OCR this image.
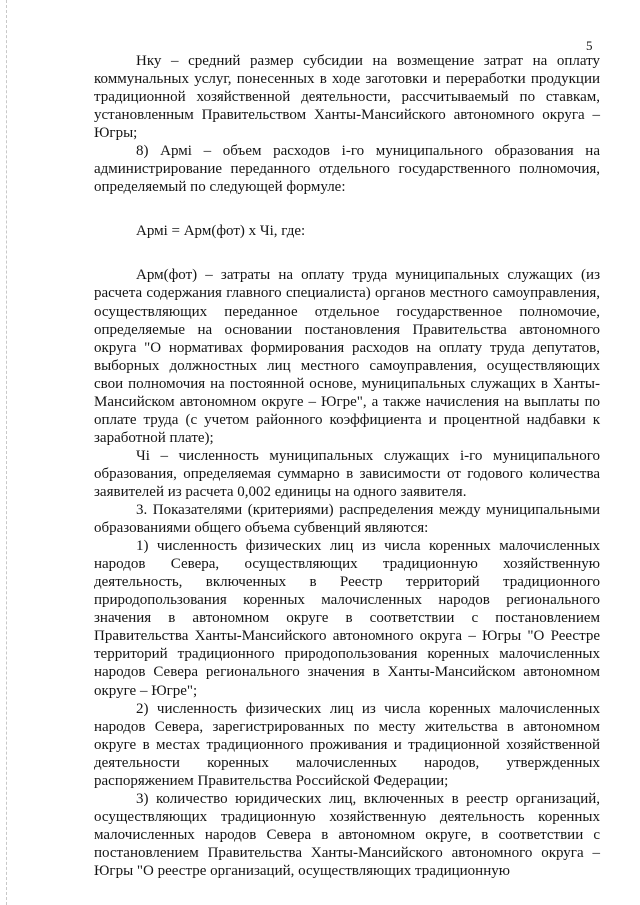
5

Нку – средний размер субсидии на возмещение затрат на оплату коммунальных услуг, понесенных в ходе заготовки и переработки продукции традиционной хозяйственной деятельности, рассчитываемый по ставкам, установленным Правительством Ханты-Мансийского автономного округа – Югры;

8) Армi – объем расходов i-го муниципального образования на администрирование переданного отдельного государственного полномочия, определяемый по следующей формуле:

Армi = Арм(фот) x Чi, где:

Арм(фот) – затраты на оплату труда муниципальных служащих (из расчета содержания главного специалиста) органов местного самоуправления, осуществляющих переданное отдельное государственное полномочие, определяемые на основании постановления Правительства автономного округа "О нормативах формирования расходов на оплату труда депутатов, выборных должностных лиц местного самоуправления, осуществляющих свои полномочия на постоянной основе, муниципальных служащих в Ханты-Мансийском автономном округе – Югре", а также начисления на выплаты по оплате труда (с учетом районного коэффициента и процентной надбавки к заработной плате);

Чi – численность муниципальных служащих i-го муниципального образования, определяемая суммарно в зависимости от годового количества заявителей из расчета 0,002 единицы на одного заявителя.

3. Показателями (критериями) распределения между муниципальными образованиями общего объема субвенций являются:

1) численность физических лиц из числа коренных малочисленных народов Севера, осуществляющих традиционную хозяйственную деятельность, включенных в Реестр территорий традиционного природопользования коренных малочисленных народов регионального значения в автономном округе в соответствии с постановлением Правительства Ханты-Мансийского автономного округа – Югры "О Реестре территорий традиционного природопользования коренных малочисленных народов Севера регионального значения в Ханты-Мансийском автономном округе – Югре";

2) численность физических лиц из числа коренных малочисленных народов Севера, зарегистрированных по месту жительства в автономном округе в местах традиционного проживания и традиционной хозяйственной деятельности коренных малочисленных народов, утвержденных распоряжением Правительства Российской Федерации;

3) количество юридических лиц, включенных в реестр организаций, осуществляющих традиционную хозяйственную деятельность коренных малочисленных народов Севера в автономном округе, в соответствии с постановлением Правительства Ханты-Мансийского автономного округа – Югры "О реестре организаций, осуществляющих традиционную
